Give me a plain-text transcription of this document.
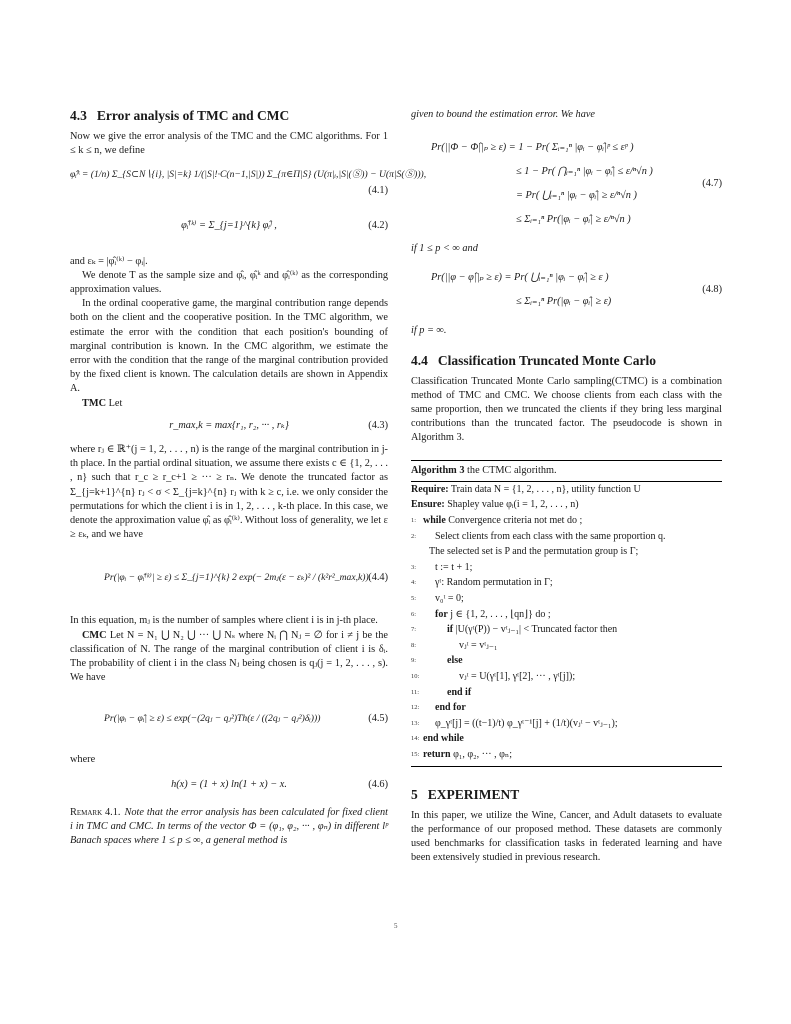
4.3 Error analysis of TMC and CMC

Now we give the error analysis of the TMC and the CMC algorithms. For 1 ≤ k ≤ n, we define

φ̂ᵢᵏ = (1/n) Σ_{S⊂N∖{i}, |S|=k} 1/(|S|!·C(n−1,|S|)) Σ_{π∈Π|S} (U(π|ᵢ,|S|(Ⓢ)) − U(π|S(Ⓢ))),
(4.1)
φ̂ᵢ⁽ᵏ⁾ = Σ_{j=1}^{k} φ̂ᵢʲ ,	(4.2)

and εₖ = |φ̂ᵢ⁽ᵏ⁾ − φᵢ|.

We denote T as the sample size and φ̂ᵢ, φ̂ᵢᵏ and φ̂ᵢ⁽ᵏ⁾ as the corresponding approximation values.

In the ordinal cooperative game, the marginal contribution range depends both on the client and the cooperative position. In the TMC algorithm, we estimate the error with the condition that each position's bounding of marginal contribution is known. In the CMC algorithm, we estimate the error with the condition that the range of the marginal contribution provided by the fixed client is known. The calculation details are shown in Appendix A.

TMC Let

r_max,k = max{r₁, r₂, ··· , rₖ}	(4.3)

where rⱼ ∈ ℝ⁺(j = 1, 2, . . . , n) is the range of the marginal contribution in j-th place. In the partial ordinal situation, we assume there exists c ∈ {1, 2, . . . , n} such that r_c ≥ r_c+1 ≥ ··· ≥ rₙ. We denote the truncated factor as Σ_{j=k+1}^{n} rⱼ < σ < Σ_{j=k}^{n} rⱼ with k ≥ c, i.e. we only consider the permutations for which the client i is in 1, 2, . . . , k-th place. In this case, we denote the approximation value φ̂ᵢ as φ̂ᵢ⁽ᵏ⁾. Without loss of generality, we let ε ≥ εₖ, and we have

Pr(|φᵢ − φ̂ᵢ⁽ᵏ⁾| ≥ ε) ≤ Σ_{j=1}^{k} 2 exp(− 2mⱼ(ε − εₖ)² / (k²r²_max,k)).
(4.4)

In this equation, mⱼ is the number of samples where client i is in j-th place.

CMC Let N = N₁ ⋃ N₂ ⋃ ··· ⋃ Nₛ where Nᵢ ⋂ Nⱼ = ∅ for i ≠ j be the classification of N. The range of the marginal contribution of client i is δᵢ. The probability of client i in the class Nⱼ being chosen is qⱼ(j = 1, 2, . . . , s). We have

Pr(|φᵢ − φ̂ᵢ| ≥ ε) ≤ exp(−(2qⱼ − qⱼ²)Th(ε / ((2qⱼ − qⱼ²)δᵢ)))	(4.5)

where

h(x) = (1 + x) ln(1 + x) − x.	(4.6)

Remark 4.1. Note that the error analysis has been calculated for fixed client i in TMC and CMC. In terms of the vector Φ = (φ₁, φ₂, ··· , φₙ) in different lᵖ Banach spaces where 1 ≤ p ≤ ∞, a general method is

given to bound the estimation error. We have

Pr(||Φ − Φ̂||ₚ ≥ ε) = 1 − Pr( Σᵢ₌₁ⁿ |φᵢ − φ̂ᵢ|ᵖ ≤ εᵖ )
≤ 1 − Pr( ⋂ᵢ₌₁ⁿ |φᵢ − φ̂ᵢ| ≤ ε/ⁿ√n )
= Pr( ⋃ᵢ₌₁ⁿ |φᵢ − φ̂ᵢ| ≥ ε/ⁿ√n )
≤ Σᵢ₌₁ⁿ Pr(|φᵢ − φ̂ᵢ| ≥ ε/ⁿ√n )
(4.7)

if 1 ≤ p < ∞ and

Pr(||φ − φ̂||ₚ ≥ ε) = Pr( ⋃ᵢ₌₁ⁿ |φᵢ − φ̂ᵢ| ≥ ε )
≤ Σᵢ₌₁ⁿ Pr(|φᵢ − φ̂ᵢ| ≥ ε)
(4.8)

if p = ∞.

4.4 Classification Truncated Monte Carlo

Classification Truncated Monte Carlo sampling(CTMC) is a combination method of TMC and CMC. We choose clients from each class with the same proportion, then we truncated the clients if they bring less marginal contributions than the truncated factor. The pseudocode is shown in Algorithm 3.

Algorithm 3 the CTMC algorithm.
Require: Train data N = {1, 2, . . . , n}, utility function U
Ensure: Shapley value φᵢ(i = 1, 2, . . . , n)
1: while Convergence criteria not met do ;
2: Select clients from each class with the same proportion q.
The selected set is P and the permutation group is Γ;
3: t := t + 1;
4: γᵗ: Random permutation in Γ;
5: v₀ᵗ = 0;
6: for j ∈ {1, 2, . . . , ⌊qn⌋} do ;
7:	if |U(γᵗ(P)) − vᵗⱼ₋₁| < Truncated factor then
8:	vⱼᵗ = vᵗⱼ₋₁
9:	else
10:	vⱼᵗ = U(γᵗ[1], γᵗ[2], ··· , γᵗ[j]);
11:	end if
12: end for
13: φ_γᵗ[j] = ((t−1)/t) φ_γᵗ⁻¹[j] + (1/t)(vⱼᵗ − vᵗⱼ₋₁);
14: end while
15: return φ₁, φ₂, ··· , φₙ;
5 EXPERIMENT

In this paper, we utilize the Wine, Cancer, and Adult datasets to evaluate the performance of our proposed method. These datasets are commonly used benchmarks for classification tasks in federated learning and have been extensively studied in previous research.

5
